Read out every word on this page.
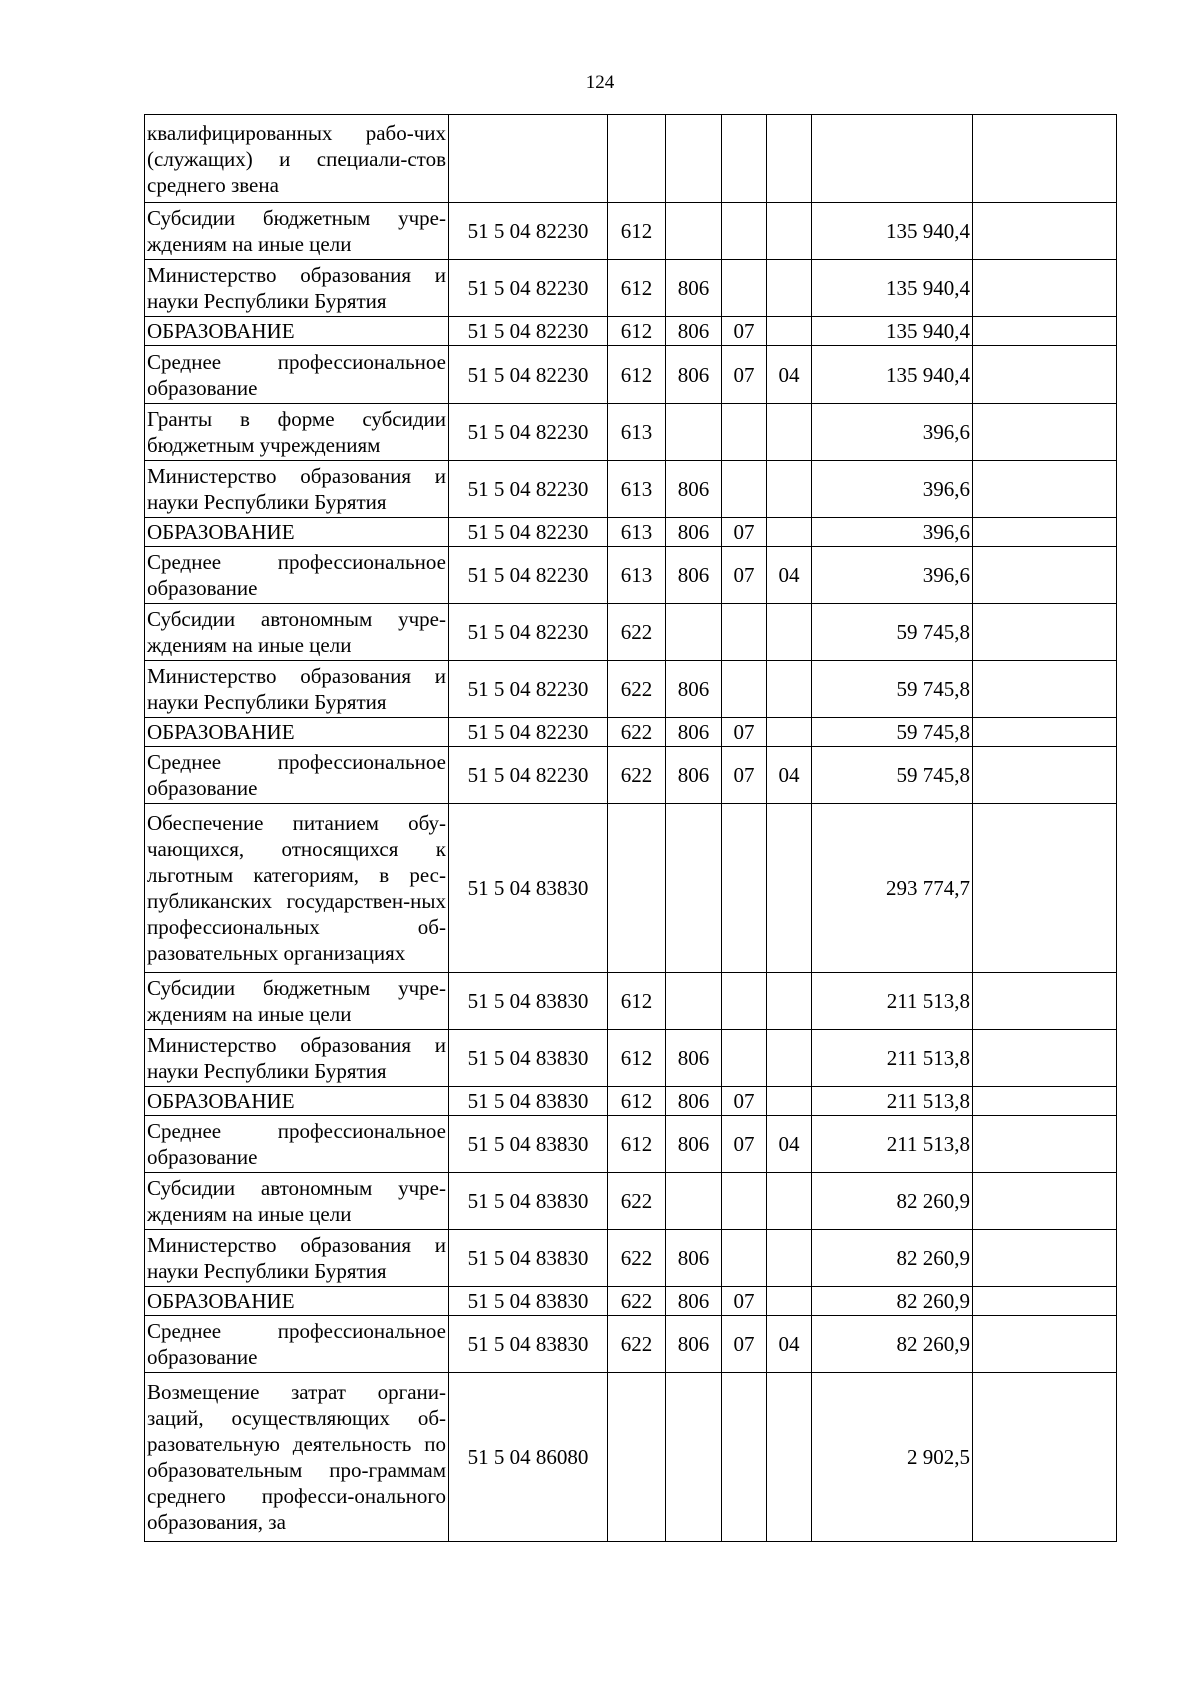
124
квалифицированных рабо-чих (служащих) и специали-стов среднего звена							
Субсидии бюджетным учре-ждениям на иные цели	51 5 04 82230	612				135 940,4	
Министерство образования и науки Республики Бурятия	51 5 04 82230	612	806			135 940,4	
ОБРАЗОВАНИЕ	51 5 04 82230	612	806	07		135 940,4	
Среднее профессиональное образование	51 5 04 82230	612	806	07	04	135 940,4	
Гранты в форме субсидии бюджетным учреждениям	51 5 04 82230	613				396,6	
Министерство образования и науки Республики Бурятия	51 5 04 82230	613	806			396,6	
ОБРАЗОВАНИЕ	51 5 04 82230	613	806	07		396,6	
Среднее профессиональное образование	51 5 04 82230	613	806	07	04	396,6	
Субсидии автономным учре-ждениям на иные цели	51 5 04 82230	622				59 745,8	
Министерство образования и науки Республики Бурятия	51 5 04 82230	622	806			59 745,8	
ОБРАЗОВАНИЕ	51 5 04 82230	622	806	07		59 745,8	
Среднее профессиональное образование	51 5 04 82230	622	806	07	04	59 745,8	
Обеспечение питанием обу-чающихся, относящихся к льготным категориям, в рес-публиканских государствен-ных профессиональных об-разовательных организациях	51 5 04 83830					293 774,7	
Субсидии бюджетным учре-ждениям на иные цели	51 5 04 83830	612				211 513,8	
Министерство образования и науки Республики Бурятия	51 5 04 83830	612	806			211 513,8	
ОБРАЗОВАНИЕ	51 5 04 83830	612	806	07		211 513,8	
Среднее профессиональное образование	51 5 04 83830	612	806	07	04	211 513,8	
Субсидии автономным учре-ждениям на иные цели	51 5 04 83830	622				82 260,9	
Министерство образования и науки Республики Бурятия	51 5 04 83830	622	806			82 260,9	
ОБРАЗОВАНИЕ	51 5 04 83830	622	806	07		82 260,9	
Среднее профессиональное образование	51 5 04 83830	622	806	07	04	82 260,9	
Возмещение затрат органи-заций, осуществляющих об-разовательную деятельность по образовательным про-граммам среднего професси-онального образования, за	51 5 04 86080					2 902,5	
